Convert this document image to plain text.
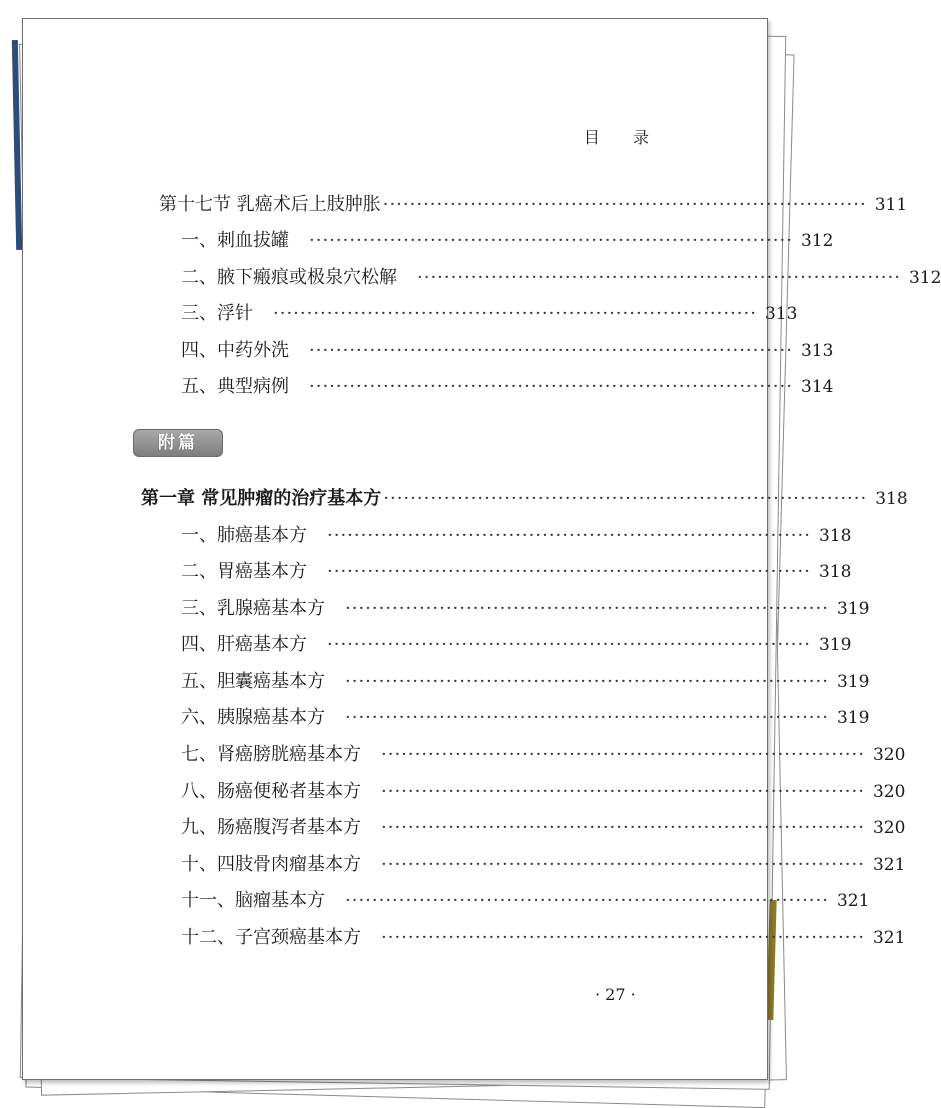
目 录
第十七节 乳癌术后上肢肿胀 ········································································ 311
一、刺血拔罐 ········································································ 312
二、腋下瘢痕或极泉穴松解 ········································································ 312
三、浮针 ········································································ 313
四、中药外洗 ········································································ 313
五、典型病例 ········································································ 314
附篇
第一章 常见肿瘤的治疗基本方 ········································································ 318
一、肺癌基本方 ········································································ 318
二、胃癌基本方 ········································································ 318
三、乳腺癌基本方 ········································································ 319
四、肝癌基本方 ········································································ 319
五、胆囊癌基本方 ········································································ 319
六、胰腺癌基本方 ········································································ 319
七、肾癌膀胱癌基本方 ········································································ 320
八、肠癌便秘者基本方 ········································································ 320
九、肠癌腹泻者基本方 ········································································ 320
十、四肢骨肉瘤基本方 ········································································ 321
十一、脑瘤基本方 ········································································ 321
十二、子宫颈癌基本方 ········································································ 321
· 27 ·
